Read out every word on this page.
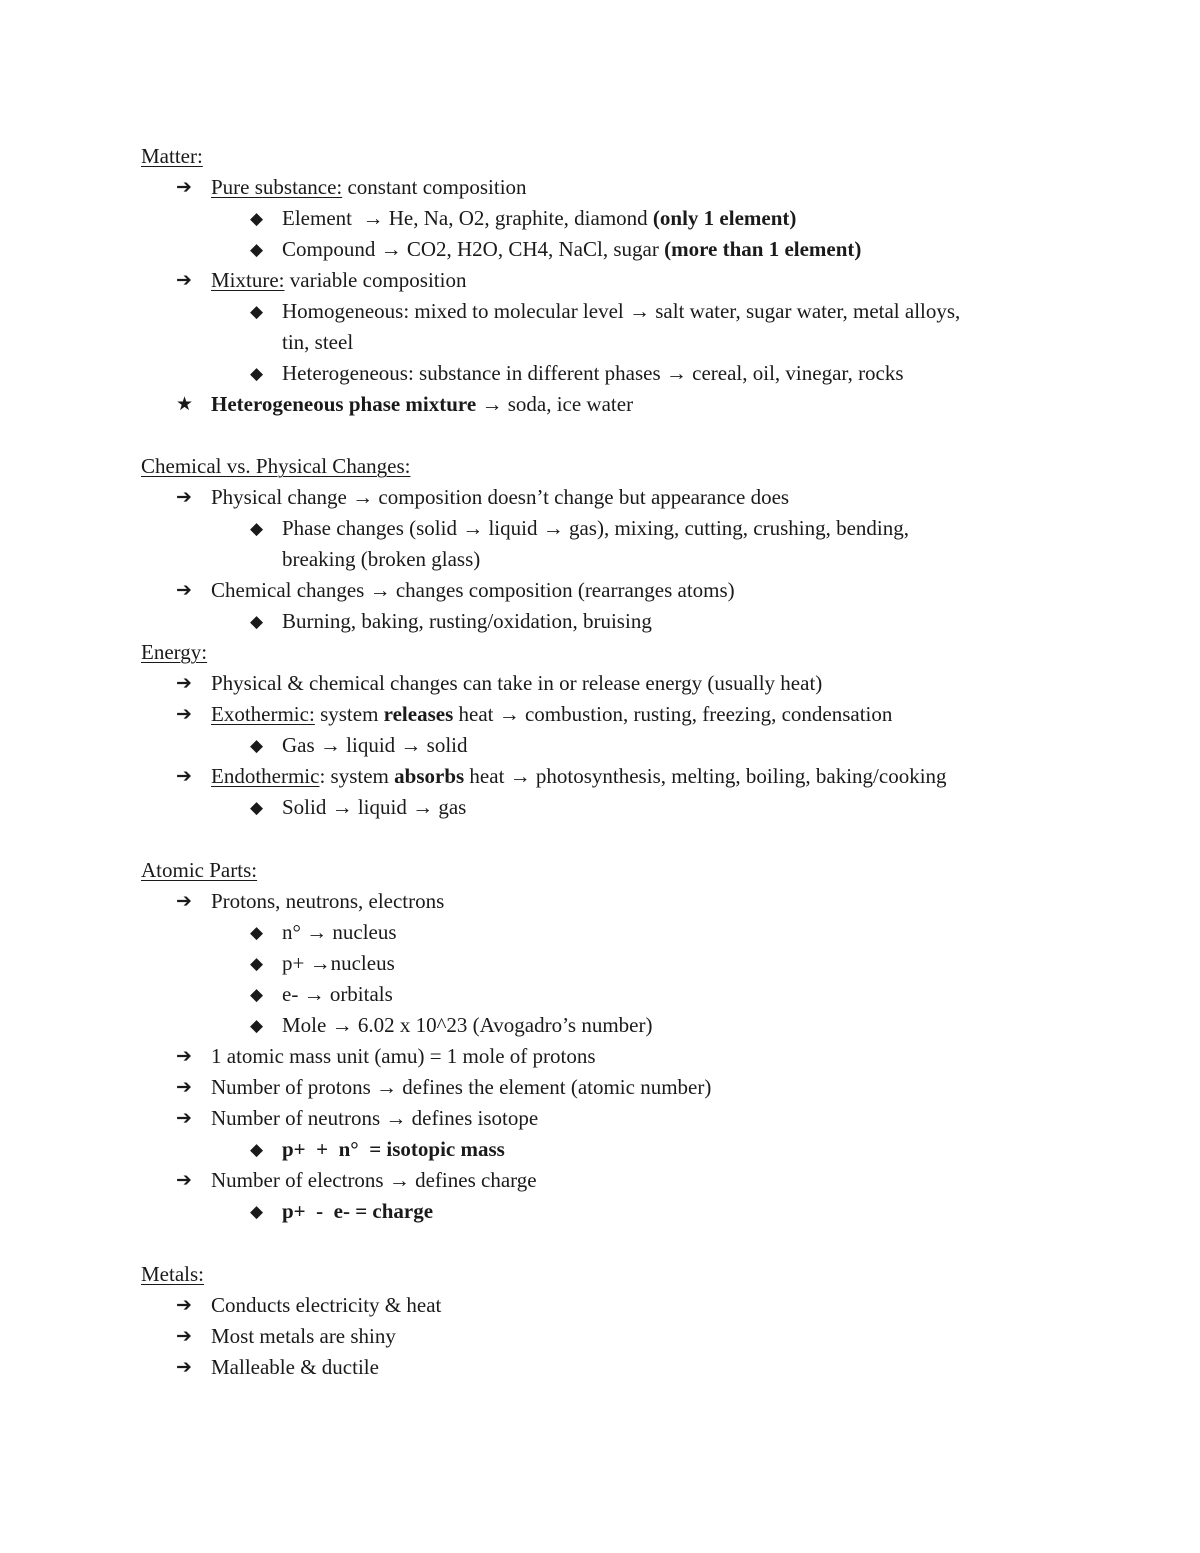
Matter:
➔ Pure substance: constant composition
◆ Element  → He, Na, O2, graphite, diamond (only 1 element)
◆ Compound → CO2, H2O, CH4, NaCl, sugar (more than 1 element)
➔ Mixture: variable composition
◆ Homogeneous: mixed to molecular level → salt water, sugar water, metal alloys,
tin, steel
◆ Heterogeneous: substance in different phases → cereal, oil, vinegar, rocks
★ Heterogeneous phase mixture → soda, ice water
Chemical vs. Physical Changes:
➔ Physical change → composition doesn’t change but appearance does
◆ Phase changes (solid → liquid → gas), mixing, cutting, crushing, bending,
breaking (broken glass)
➔ Chemical changes → changes composition (rearranges atoms)
◆ Burning, baking, rusting/oxidation, bruising
Energy:
➔ Physical & chemical changes can take in or release energy (usually heat)
➔ Exothermic: system releases heat → combustion, rusting, freezing, condensation
◆ Gas → liquid → solid
➔ Endothermic: system absorbs heat → photosynthesis, melting, boiling, baking/cooking
◆ Solid → liquid → gas
Atomic Parts:
➔ Protons, neutrons, electrons
◆ n° → nucleus
◆ p+ →nucleus
◆ e- → orbitals
◆ Mole → 6.02 x 10^23 (Avogadro’s number)
➔ 1 atomic mass unit (amu) = 1 mole of protons
➔ Number of protons → defines the element (atomic number)
➔ Number of neutrons → defines isotope
◆ p+  +  n°  = isotopic mass
➔ Number of electrons → defines charge
◆ p+  -  e- = charge
Metals:
➔ Conducts electricity & heat
➔ Most metals are shiny
➔ Malleable & ductile
